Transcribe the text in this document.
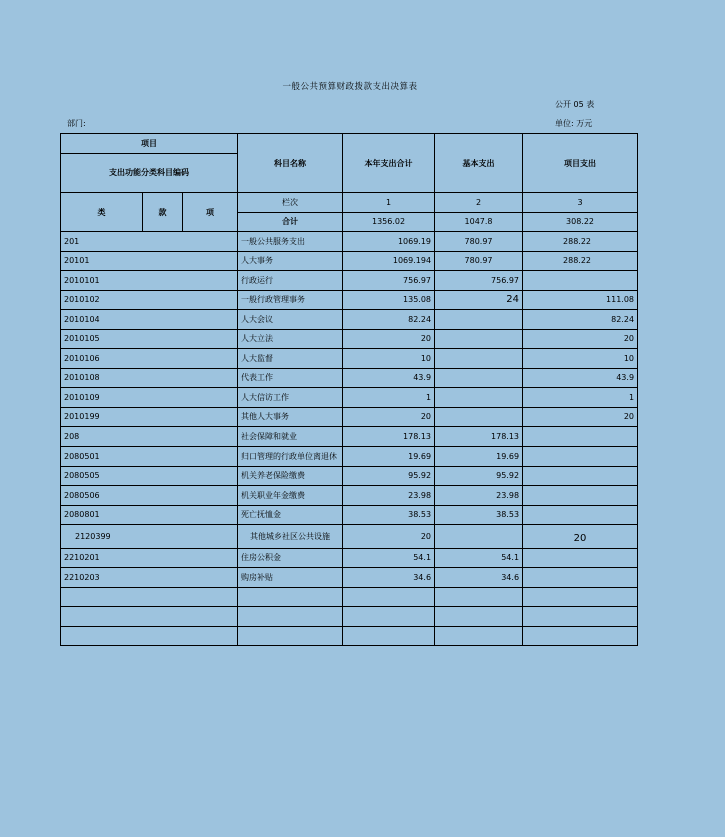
一般公共预算财政拨款支出决算表
公开 05 表
部门:	单位: 万元
项目			科目名称	本年支出合计	基本支出	项目支出
支出功能分类科目编码						
类	款	项	栏次	1	2	3
			合计	1356.02	1047.8	308.22
201			一般公共服务支出	1069.19	780.97	288.22
20101			人大事务	1069.194	780.97	288.22
2010101			行政运行	756.97	756.97	
2010102			一般行政管理事务	135.08	24	111.08
2010104			人大会议	82.24		82.24
2010105			人大立法	20		20
2010106			人大监督	10		10
2010108			代表工作	43.9		43.9
2010109			人大信访工作	1		1
2010199			其他人大事务	20		20
208			社会保障和就业	178.13	178.13	
2080501			归口管理的行政单位离退休	19.69	19.69	
2080505			机关养老保险缴费	95.92	95.92	
2080506			机关职业年金缴费	23.98	23.98	
2080801			死亡抚恤金	38.53	38.53	
2120399			其他城乡社区公共设施	20		20
2210201			住房公积金	54.1	54.1	
2210203			购房补贴	34.6	34.6	
